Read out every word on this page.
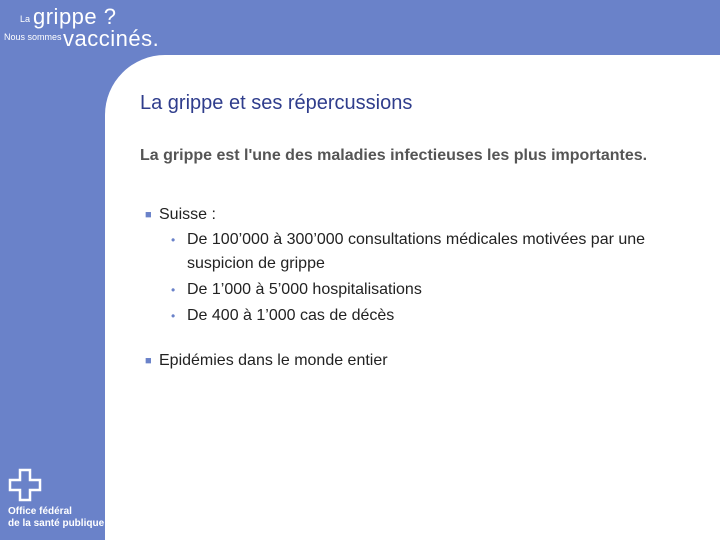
La grippe ?
Nous sommes vaccinés.
La grippe et ses répercussions
La grippe est l'une des maladies infectieuses les plus importantes.
■ Suisse :
• De 100’000 à 300’000 consultations médicales motivées par une suspicion de grippe
• De 1’000 à 5’000 hospitalisations
• De 400 à 1’000 cas de décès
■ Epidémies dans le monde entier
Office fédéral
de la santé publique
